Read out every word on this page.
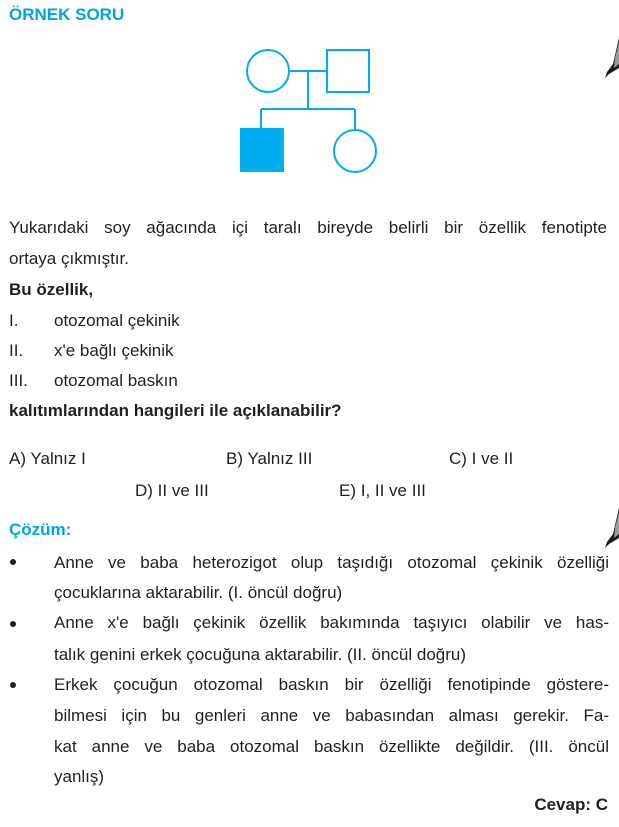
ÖRNEK SORU
Yukarıdaki soy ağacında içi taralı bireyde belirli bir özellik fenotipte
ortaya çıkmıştır.
Bu özellik,
I. otozomal çekinik
II. x'e bağlı çekinik
III. otozomal baskın
kalıtımlarından hangileri ile açıklanabilir?
A) Yalnız I	B) Yalnız III	C) I ve II
D) II ve III	E) I, II ve III
Çözüm:
Anne ve baba heterozigot olup taşıdığı otozomal çekinik özelliği
çocuklarına aktarabilir. (I. öncül doğru)
Anne x'e bağlı çekinik özellik bakımında taşıyıcı olabilir ve has-
talık genini erkek çocuğuna aktarabilir. (II. öncül doğru)
Erkek çocuğun otozomal baskın bir özelliği fenotipinde göstere-
bilmesi için bu genleri anne ve babasından alması gerekir. Fa-
kat anne ve baba otozomal baskın özellikte değildir. (III. öncül
yanlış)
Cevap: C
